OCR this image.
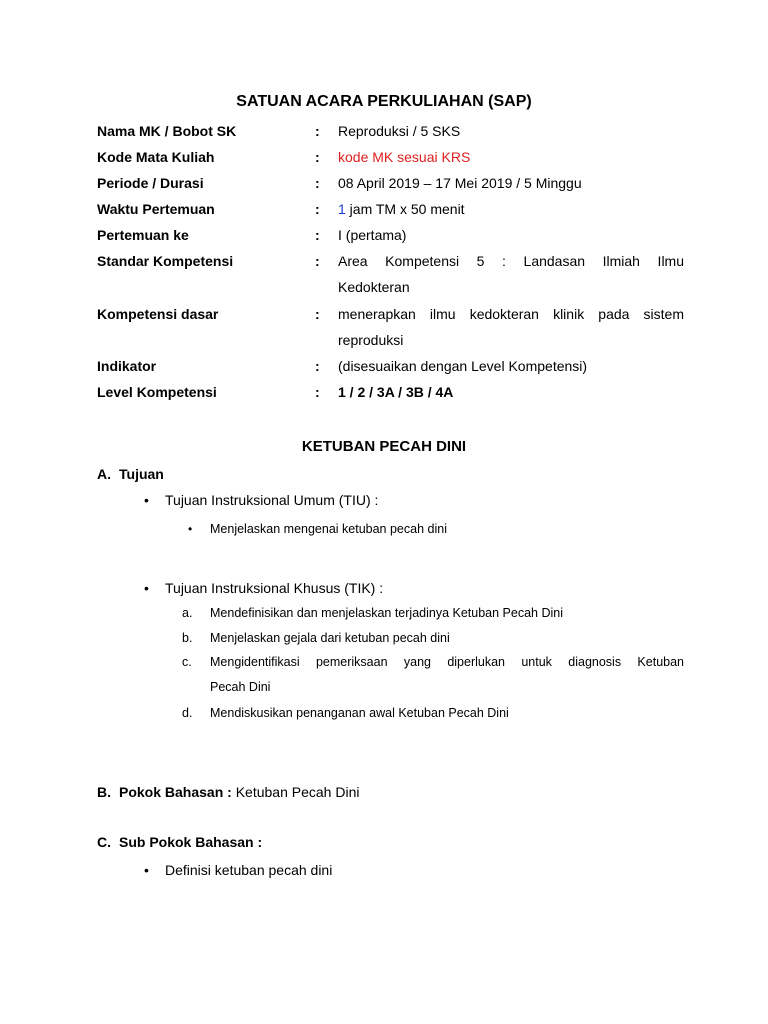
SATUAN ACARA PERKULIAHAN (SAP)
Nama MK / Bobot SK	: Reproduksi / 5 SKS
Kode Mata Kuliah	: kode MK sesuai KRS
Periode / Durasi	: 08 April 2019 – 17 Mei 2019 / 5 Minggu
Waktu Pertemuan	: 1 jam TM x 50 menit
Pertemuan ke	: I (pertama)
Standar Kompetensi	: Area Kompetensi 5 : Landasan Ilmiah Ilmu
Kedokteran
Kompetensi dasar	: menerapkan ilmu kedokteran klinik pada sistem
reproduksi
Indikator	: (disesuaikan dengan Level Kompetensi)
Level Kompetensi	: 1 / 2 / 3A / 3B / 4A
KETUBAN PECAH DINI
A. Tujuan
• Tujuan Instruksional Umum (TIU) :
• Menjelaskan mengenai ketuban pecah dini
• Tujuan Instruksional Khusus (TIK) :
a. Mendefinisikan dan menjelaskan terjadinya Ketuban Pecah Dini
b. Menjelaskan gejala dari ketuban pecah dini
c. Mengidentifikasi pemeriksaan yang diperlukan untuk diagnosis Ketuban
Pecah Dini
d. Mendiskusikan penanganan awal Ketuban Pecah Dini
B. Pokok Bahasan : Ketuban Pecah Dini
C. Sub Pokok Bahasan :
• Definisi ketuban pecah dini
